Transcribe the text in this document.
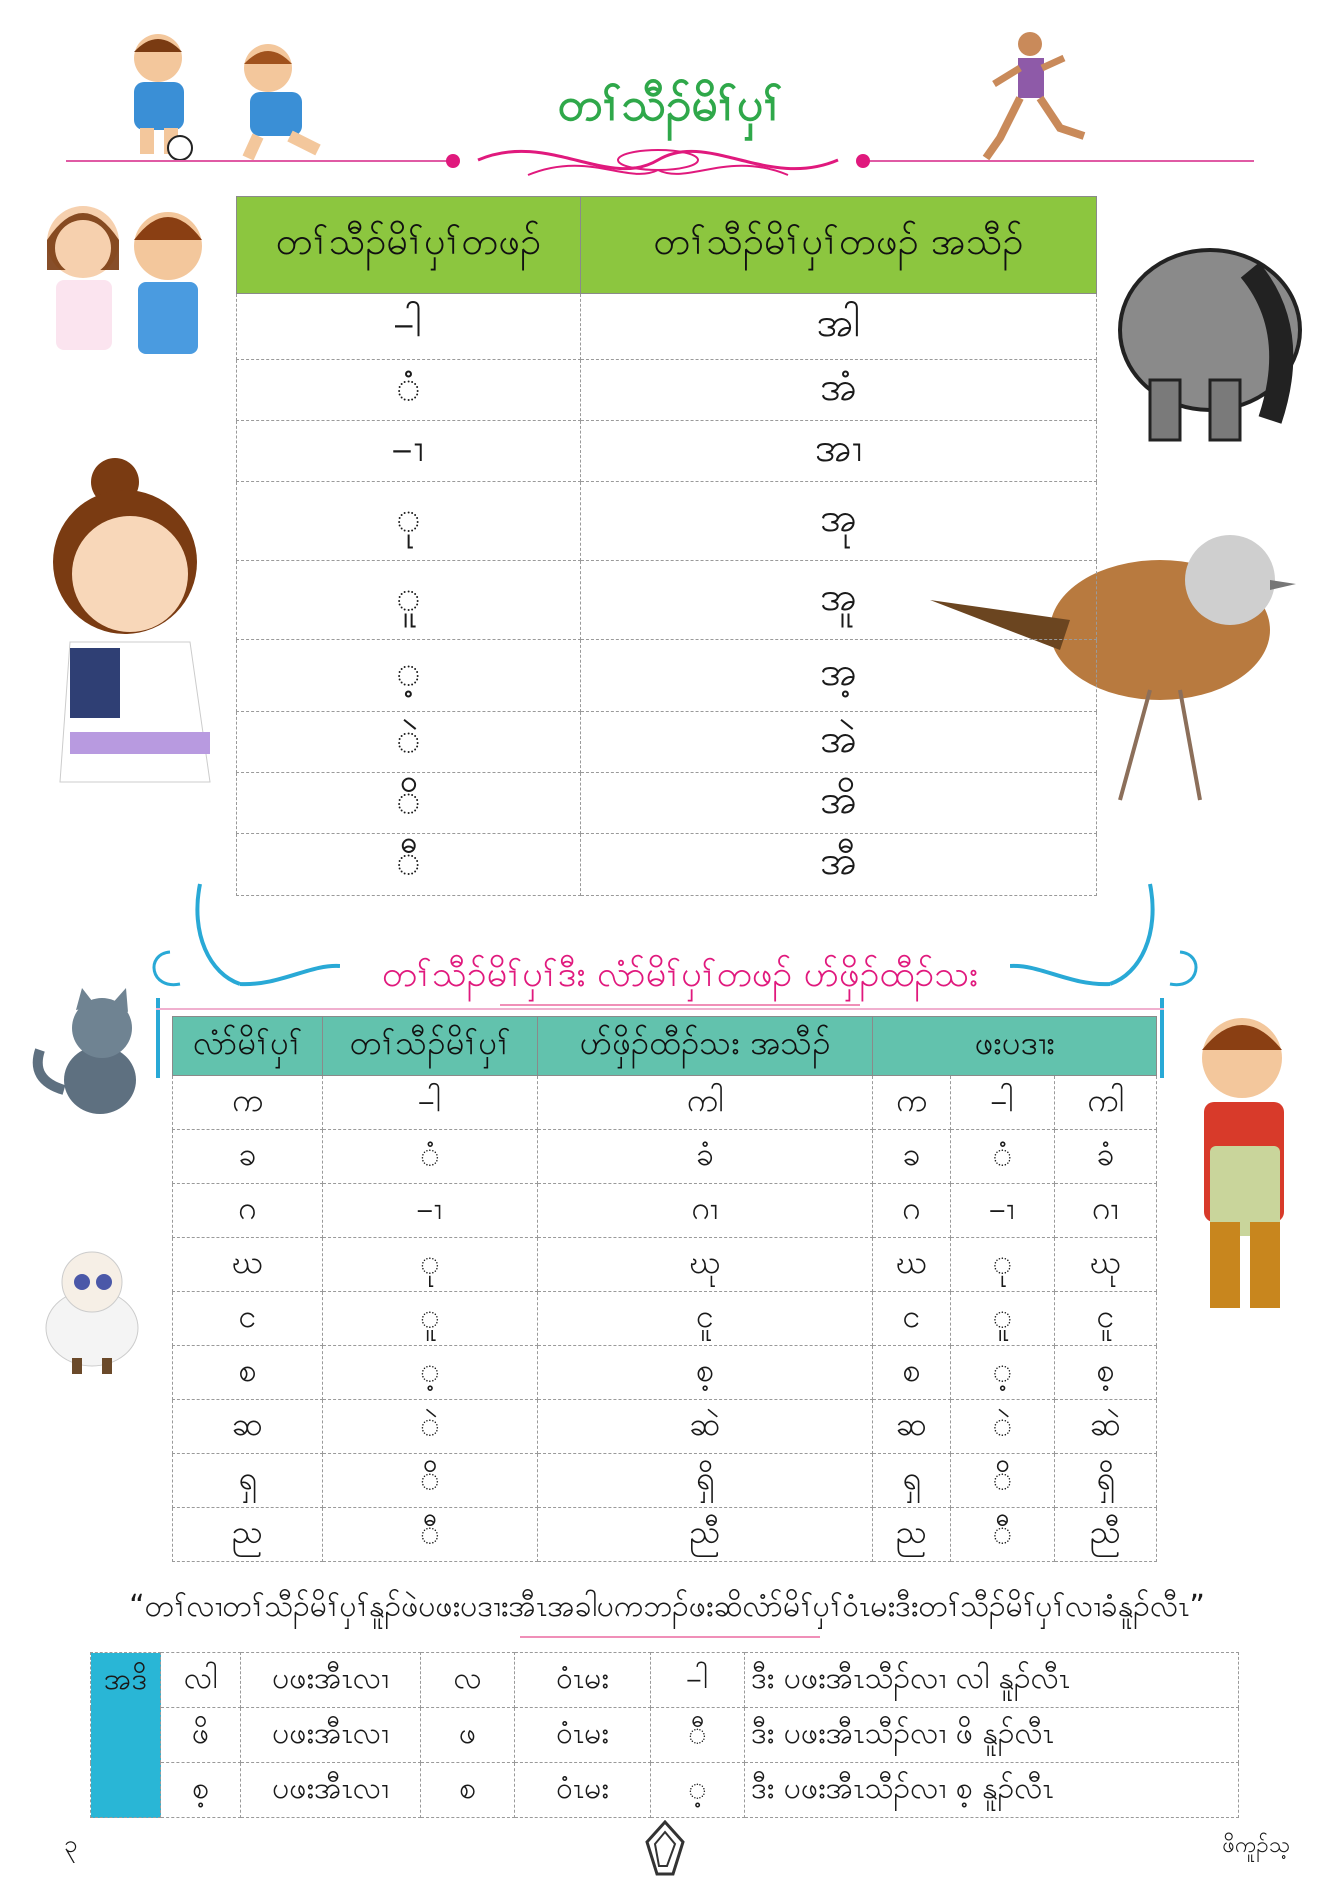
တၢ်သီၣ်မိၢ်ပှၢ်
တၢ်သီၣ်မိၢ်ပှၢ်တဖၣ်	တၢ်သီၣ်မိၢ်ပှၢ်တဖၣ် အသီၣ်
–ါ	အါ
ံ	အံ
–ၢ	အၢ
ု	အု
ူ	အူ
့	အ့
ဲ	အဲ
ိ	အိ
ီ	အီ
တၢ်သီၣ်မိၢ်ပှၢ်ဒီး လံာ်မိၢ်ပှၢ်တဖၣ် ဟ်ဖှိၣ်ထီၣ်သး
လံာ်မိၢ်ပှၢ်	တၢ်သီၣ်မိၢ်ပှၢ်	ဟ်ဖှိၣ်ထီၣ်သး အသီၣ်	ဖးပဒၢး		
က	–ါ	ကါ	က	–ါ	ကါ
ခ	ံ	ခံ	ခ	ံ	ခံ
ဂ	–ၢ	ဂၢ	ဂ	–ၢ	ဂၢ
ဃ	ု	ဃု	ဃ	ု	ဃု
င	ူ	ငူ	င	ူ	ငူ
စ	့	စ့	စ	့	စ့
ဆ	ဲ	ဆဲ	ဆ	ဲ	ဆဲ
ရှ	ိ	ရှိ	ရှ	ိ	ရှိ
ည	ီ	ညီ	ည	ီ	ညီ
“တၢ်လၢတၢ်သီၣ်မိၢ်ပှၢ်နူၣ်ဖဲပဖးပဒၢးအီၤအခါပကဘၣ်ဖးဆိလံာ်မိၢ်ပှၢ်ဝံၤမးဒီးတၢ်သီၣ်မိၢ်ပှၢ်လၢခံနူၣ်လီၤ”
အဒိ	လါ	ပဖးအီၤလၢ	လ	ဝံၤမး	–ါ	ဒီး ပဖးအီၤသီၣ်လၢ လါ နူၣ်လီၤ
	ဖိ	ပဖးအီၤလၢ	ဖ	ဝံၤမး	ီ	ဒီး ပဖးအီၤသီၣ်လၢ ဖိ နူၣ်လီၤ
	စ့	ပဖးအီၤလၢ	စ	ဝံၤမး	့	ဒီး ပဖးအီၤသီၣ်လၢ စ့ နူၣ်လီၤ
၃	ဖိကူၣ်သ့
